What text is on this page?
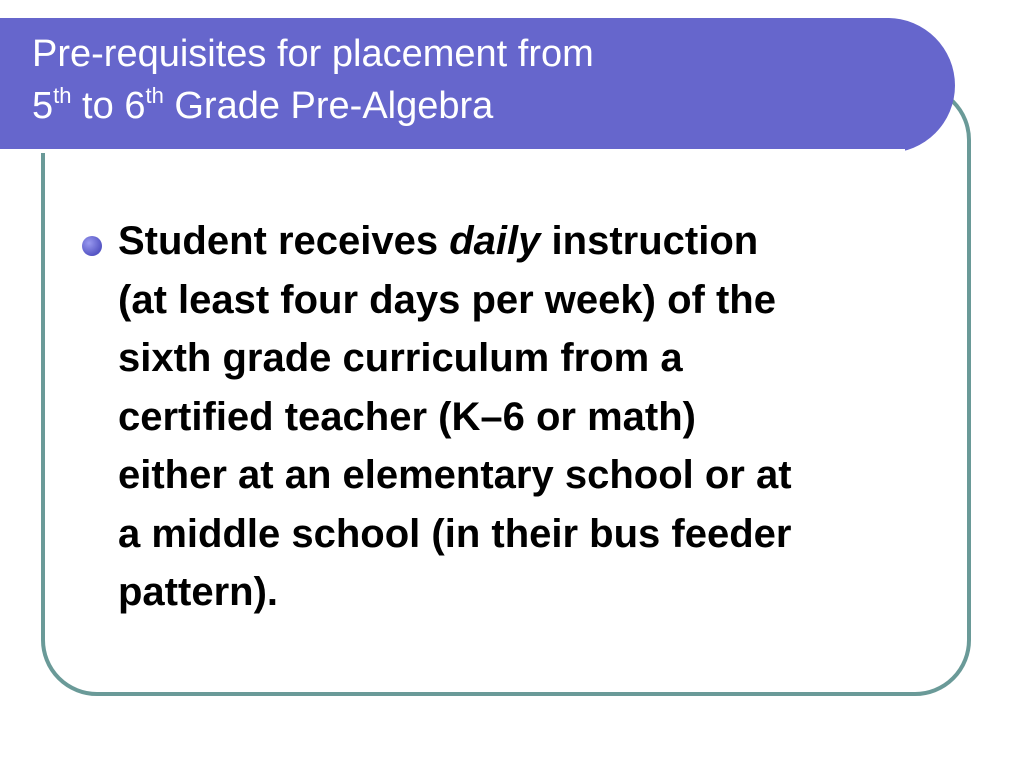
Pre-requisites for placement from
5th to 6th Grade Pre-Algebra

Student receives daily instruction
(at least four days per week) of the
sixth grade curriculum from a
certified teacher (K–6 or math)
either at an elementary school or at
a middle school (in their bus feeder
pattern).
